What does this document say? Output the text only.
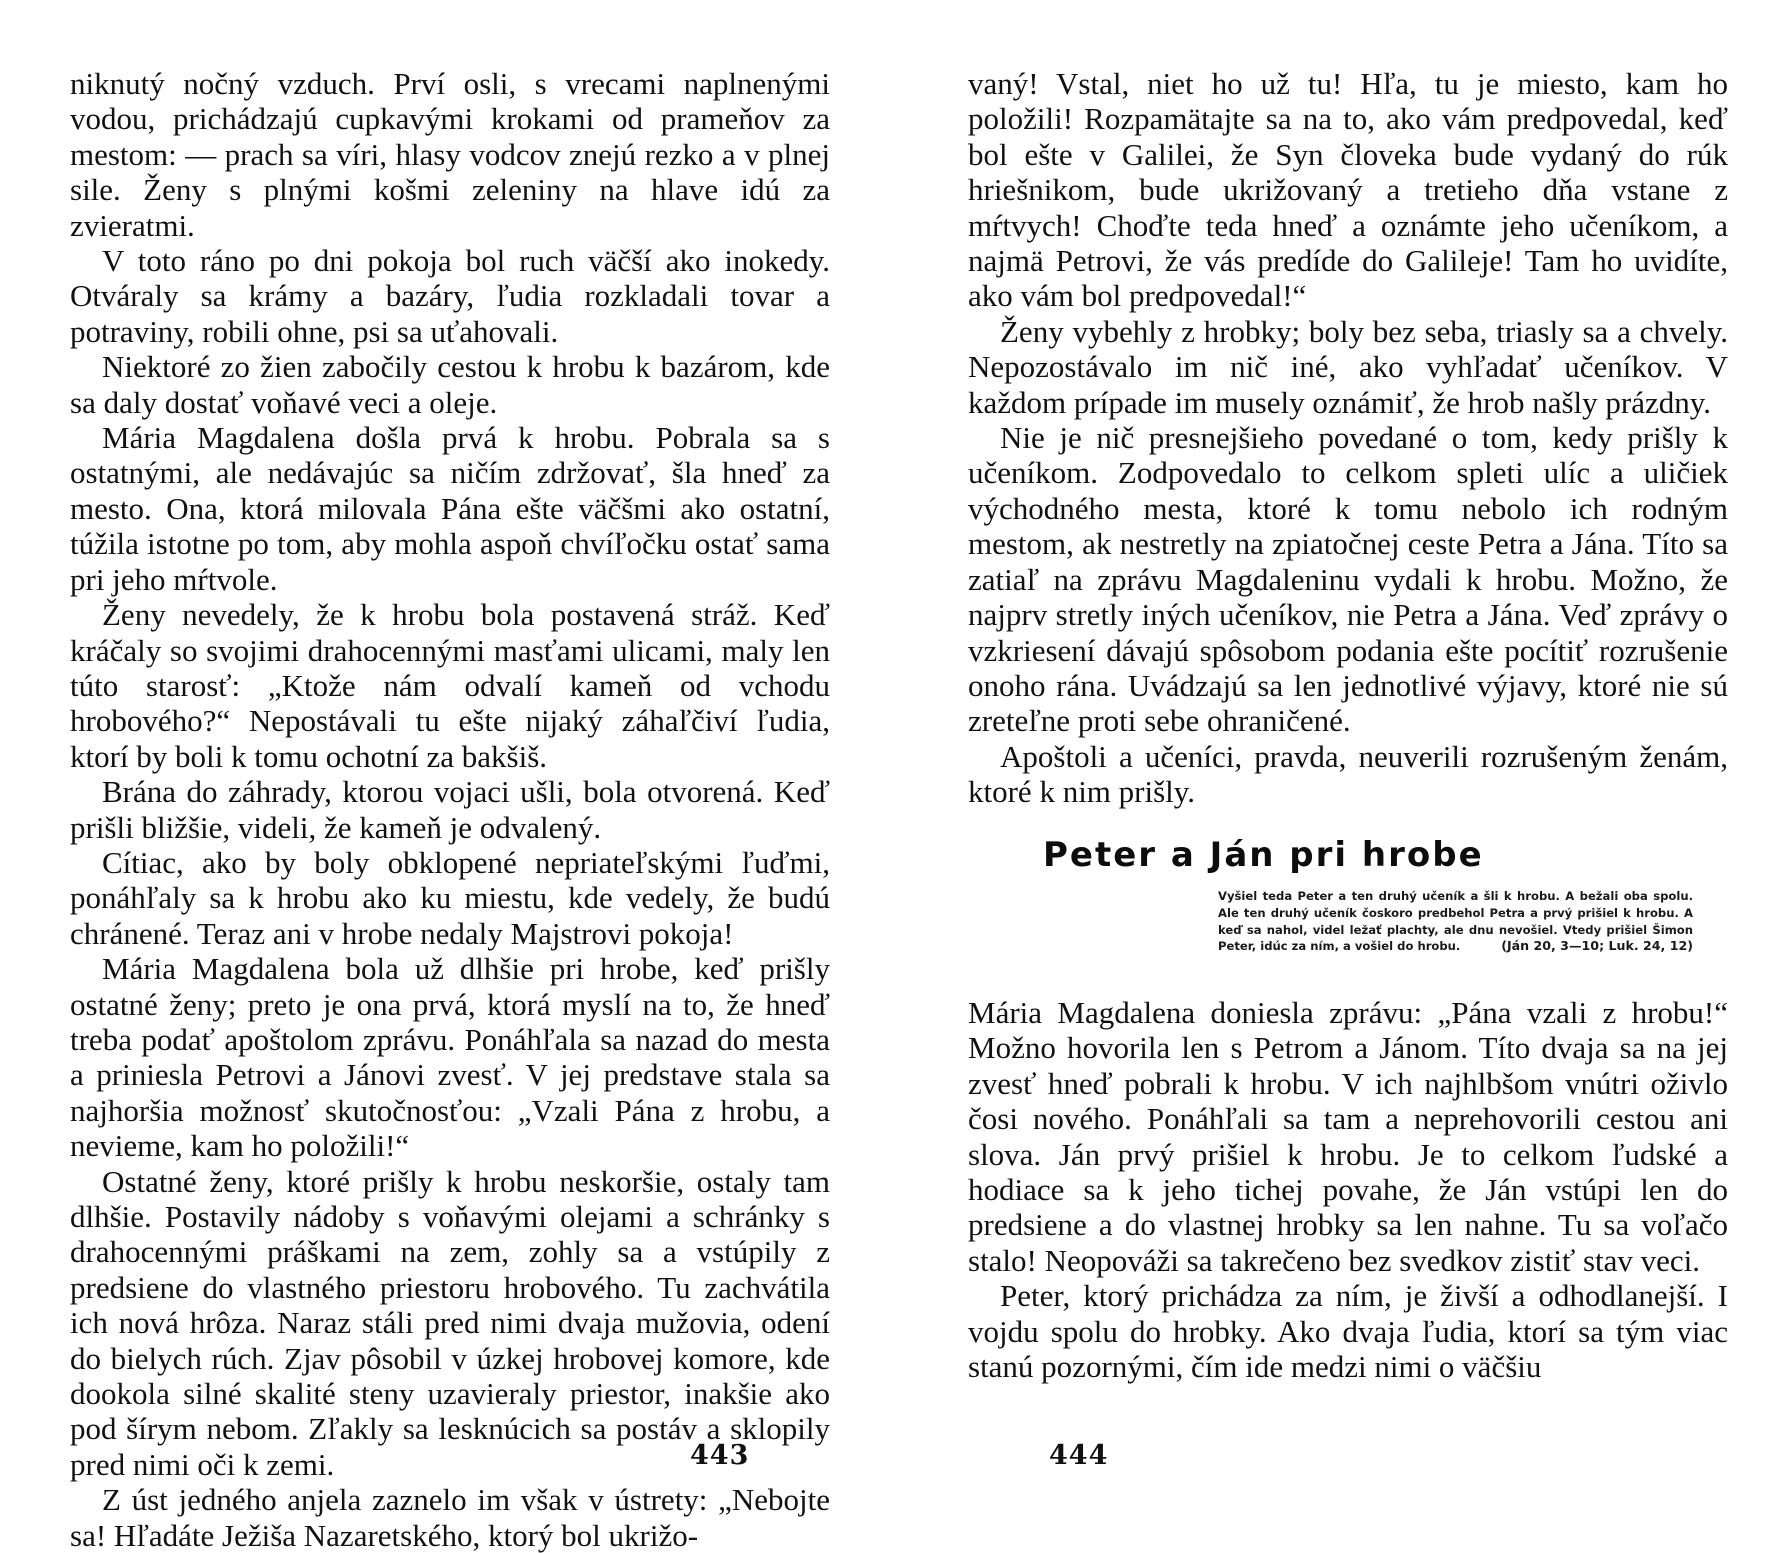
niknutý nočný vzduch. Prví osli, s vrecami naplnenými vodou, prichádzajú cupkavými krokami od prameňov za mestom: — prach sa víri, hlasy vodcov znejú rezko a v plnej sile. Ženy s plnými košmi zeleniny na hlave idú za zvieratmi.

V toto ráno po dni pokoja bol ruch väčší ako inokedy. Otváraly sa krámy a bazáry, ľudia rozkladali tovar a potraviny, robili ohne, psi sa uťahovali.

Niektoré zo žien zabočily cestou k hrobu k bazárom, kde sa daly dostať voňavé veci a oleje.

Mária Magdalena došla prvá k hrobu. Pobrala sa s ostatnými, ale nedávajúc sa ničím zdržovať, šla hneď za mesto. Ona, ktorá milovala Pána ešte väčšmi ako ostatní, túžila istotne po tom, aby mohla aspoň chvíľočku ostať sama pri jeho mŕtvole.

Ženy nevedely, že k hrobu bola postavená stráž. Keď kráčaly so svojimi drahocennými masťami ulicami, maly len túto starosť: „Ktože nám odvalí kameň od vchodu hrobového?“ Nepostávali tu ešte nijaký záhaľčiví ľudia, ktorí by boli k tomu ochotní za bakšiš.

Brána do záhrady, ktorou vojaci ušli, bola otvorená. Keď prišli bližšie, videli, že kameň je odvalený.

Cítiac, ako by boly obklopené nepriateľskými ľuďmi, ponáhľaly sa k hrobu ako ku miestu, kde vedely, že budú chránené. Teraz ani v hrobe nedaly Majstrovi pokoja!

Mária Magdalena bola už dlhšie pri hrobe, keď prišly ostatné ženy; preto je ona prvá, ktorá myslí na to, že hneď treba podať apoštolom zprávu. Ponáhľala sa nazad do mesta a priniesla Petrovi a Jánovi zvesť. V jej predstave stala sa najhoršia možnosť skutočnosťou: „Vzali Pána z hrobu, a nevieme, kam ho položili!“

Ostatné ženy, ktoré prišly k hrobu neskoršie, ostaly tam dlhšie. Postavily nádoby s voňavými olejami a schránky s drahocennými práškami na zem, zohly sa a vstúpily z predsiene do vlastného priestoru hrobového. Tu zachvátila ich nová hrôza. Naraz stáli pred nimi dvaja mužovia, odení do bielych rúch. Zjav pôsobil v úzkej hrobovej komore, kde dookola silné skalité steny uzavieraly priestor, inakšie ako pod šírym nebom. Zľakly sa lesknúcich sa postáv a sklopily pred nimi oči k zemi.

Z úst jedného anjela zaznelo im však v ústrety: „Nebojte sa! Hľadáte Ježiša Nazaretského, ktorý bol ukrižo-

443

vaný! Vstal, niet ho už tu! Hľa, tu je miesto, kam ho položili! Rozpamätajte sa na to, ako vám predpovedal, keď bol ešte v Galilei, že Syn človeka bude vydaný do rúk hriešnikom, bude ukrižovaný a tretieho dňa vstane z mŕtvych! Choďte teda hneď a oznámte jeho učeníkom, a najmä Petrovi, že vás predíde do Galileje! Tam ho uvidíte, ako vám bol predpovedal!“

Ženy vybehly z hrobky; boly bez seba, triasly sa a chvely. Nepozostávalo im nič iné, ako vyhľadať učeníkov. V každom prípade im musely oznámiť, že hrob našly prázdny.

Nie je nič presnejšieho povedané o tom, kedy prišly k učeníkom. Zodpovedalo to celkom spleti ulíc a uličiek východného mesta, ktoré k tomu nebolo ich rodným mestom, ak nestretly na zpiatočnej ceste Petra a Jána. Títo sa zatiaľ na zprávu Magdaleninu vydali k hrobu. Možno, že najprv stretly iných učeníkov, nie Petra a Jána. Veď zprávy o vzkriesení dávajú spôsobom podania ešte pocítiť rozrušenie onoho rána. Uvádzajú sa len jednotlivé výjavy, ktoré nie sú zreteľne proti sebe ohraničené.

Apoštoli a učeníci, pravda, neuverili rozrušeným ženám, ktoré k nim prišly.

Peter a Ján pri hrobe
Vyšiel teda Peter a ten druhý učeník a šli k hrobu. A bežali oba spolu. Ale ten druhý učeník čoskoro predbehol Petra a prvý prišiel k hrobu. A keď sa nahol, videl ležať plachty, ale dnu nevošiel. Vtedy prišiel Šimon Peter, idúc za ním, a vošiel do hrobu.	(Ján 20, 3—10; Luk. 24, 12)

Mária Magdalena doniesla zprávu: „Pána vzali z hrobu!“ Možno hovorila len s Petrom a Jánom. Títo dvaja sa na jej zvesť hneď pobrali k hrobu. V ich najhlbšom vnútri oživlo čosi nového. Ponáhľali sa tam a neprehovorili cestou ani slova. Ján prvý prišiel k hrobu. Je to celkom ľudské a hodiace sa k jeho tichej povahe, že Ján vstúpi len do predsiene a do vlastnej hrobky sa len nahne. Tu sa voľačo stalo! Neopováži sa takrečeno bez svedkov zistiť stav veci.

Peter, ktorý prichádza za ním, je živší a odhodlanejší. I vojdu spolu do hrobky. Ako dvaja ľudia, ktorí sa tým viac stanú pozornými, čím ide medzi nimi o väčšiu

444
